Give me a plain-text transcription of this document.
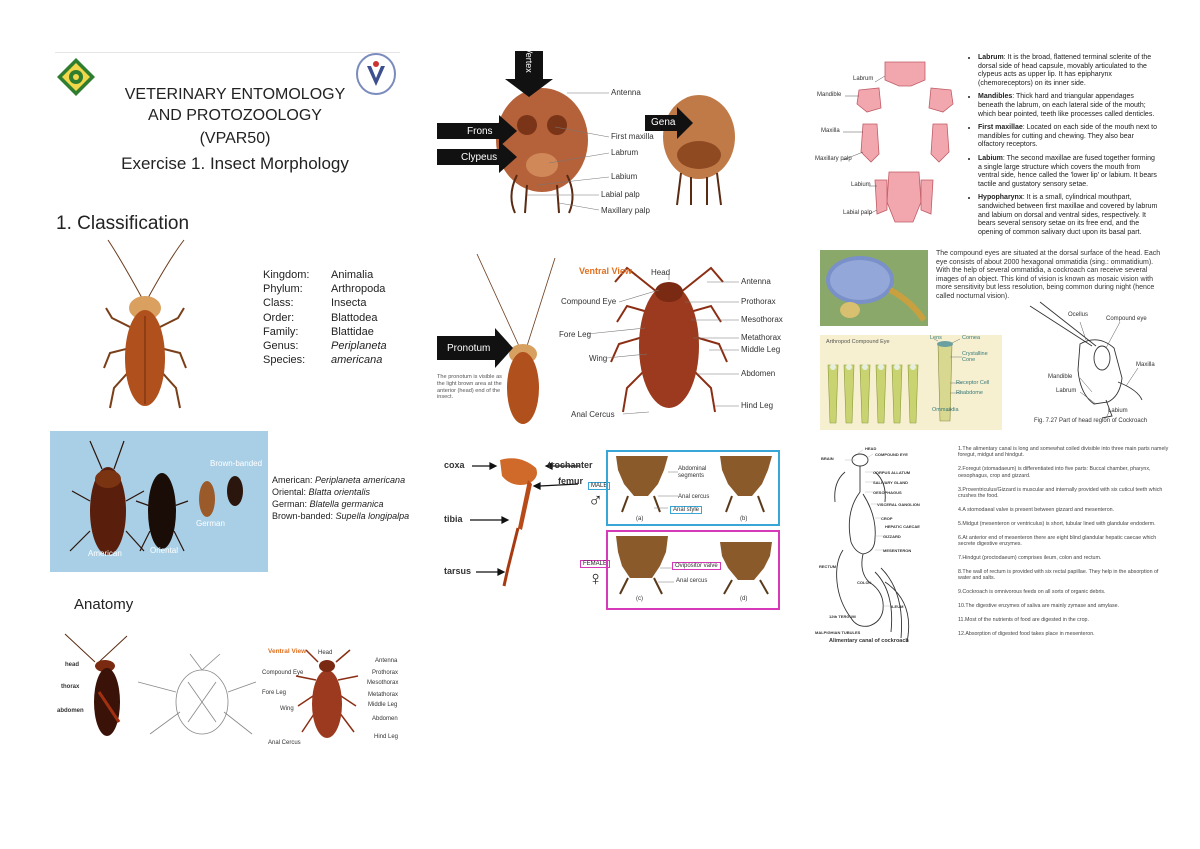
VETERINARY ENTOMOLOGY
AND PROTOZOOLOGY
(VPAR50)
Exercise 1. Insect Morphology
1. Classification
Kingdom:	Animalia
Phylum:	Arthropoda
Class:	Insecta
Order:	Blattodea
Family:	Blattidae
Genus:	Periplaneta
Species:	americana
Brown-banded
German
American	Oriental
American: Periplaneta americana
Oriental: Blatta orientalis
German: Blatella germanica
Brown-banded: Supella longipalpa
Anatomy
head
thorax
abdomen
Ventral View Head
Compound Eye
Fore Leg
Wing
Anal Cercus
Antenna
Prothorax
Mesothorax
Metathorax
Middle Leg
Abdomen
Hind Leg
Vertex
Frons
Clypeus
Gena
Antenna
First maxilla
Labrum
Labium
Labial palp
Maxillary palp
Pronotum
The pronotum is visible as the light brown area at the anterior (head) end of the insect.
Ventral View Head
Compound Eye
Fore Leg
Wing
Anal Cercus
Antenna
Prothorax
Mesothorax
Metathorax
Middle Leg
Abdomen
Hind Leg
coxa	trochanter
femur
tibia
tarsus
MALE
♂
FEMALE
♀
Abdominal segments
Anal cercus
Anal style
(a)	(b)
Ovipositor valve
Anal cercus
(c)	(d)
Labrum
Mandible
Maxilla
Maxillary palp
Labium
Labial palp
• Labrum: It is the broad, flattened terminal sclerite of the dorsal side of head capsule, movably articulated to the clypeus acts as upper lip. It has epipharynx (chemoreceptors) on its inner side.
• Mandibles: Thick hard and triangular appendages beneath the labrum, on each lateral side of the mouth; which bear pointed, teeth like processes called denticles.
• First maxillae: Located on each side of the mouth next to mandibles for cutting and chewing. They also bear olfactory receptors.
• Labium: The second maxillae are fused together forming a single large structure which covers the mouth from ventral side, hence called the 'lower lip' or labium. It bears tactile and gustatory sensory setae.
• Hypopharynx: It is a small, cylindrical mouthpart, sandwiched between first maxillae and covered by labrum and labium on dorsal and ventral sides, respectively. It bears several sensory setae on its free end, and the opening of common salivary duct upon its basal part.
The compound eyes are situated at the dorsal surface of the head. Each eye consists of about 2000 hexagonal ommatidia (sing.: ommatidium). With the help of several ommatidia, a cockroach can receive several images of an object. This kind of vision is known as mosaic vision with more sensitivity but less resolution, being common during night (hence called nocturnal vision).
Arthropod Compound Eye
Lens	Cornea
Crystalline Cone
Receptor Cell
Rhabdome
Ommatidia
Ocellus
Compound eye
Maxilla
Mandible
Labrum
Labium
Fig. 7.27 Part of head region of Cockroach
BRAIN
RECTUM
COLON
12th TERGUM
MALPIGHIAN TUBULES
HEAD
COMPOUND EYE
CORPUS ALLATUM
SALIVARY GLAND
OESOPHAGUS
VISCERAL GANGLION
CROP
HEPATIC CAECAE
GIZZARD
MESENTERON
ILEUM
Alimentary canal of cockroach

1.The alimentary canal is long and somewhat coiled divisible into three main parts namely foregut, midgut and hindgut.

2.Foregut (stomadaeum) is differentiated into five parts: Buccal chamber, pharynx, oesophagus, crop and gizzard.

3.Proventriculus/Gizzard is muscular and internally provided with six cuticul teeth which crushes the food.

4.A stomodaeal valve is present between gizzard and mesenteron.

5.Midgut (mesenteron or ventriculus) is short, tubular lined with glandular endoderm.

6.At anterior end of mesenteron there are eight blind glandular hepatic caecae which secrete digestive enzymes.

7.Hindgut (proctodaeum) comprises ileum, colon and rectum.

8.The wall of rectum is provided with six rectal papillae. They help in the absorption of water and salts.

9.Cockroach is omnivorous feeds on all sorts of organic debris.

10.The digestive enzymes of saliva are mainly zymase and amylase.

11.Most of the nutrients of food are digested in the crop.

12.Absorption of digested food takes place in mesenteron.
